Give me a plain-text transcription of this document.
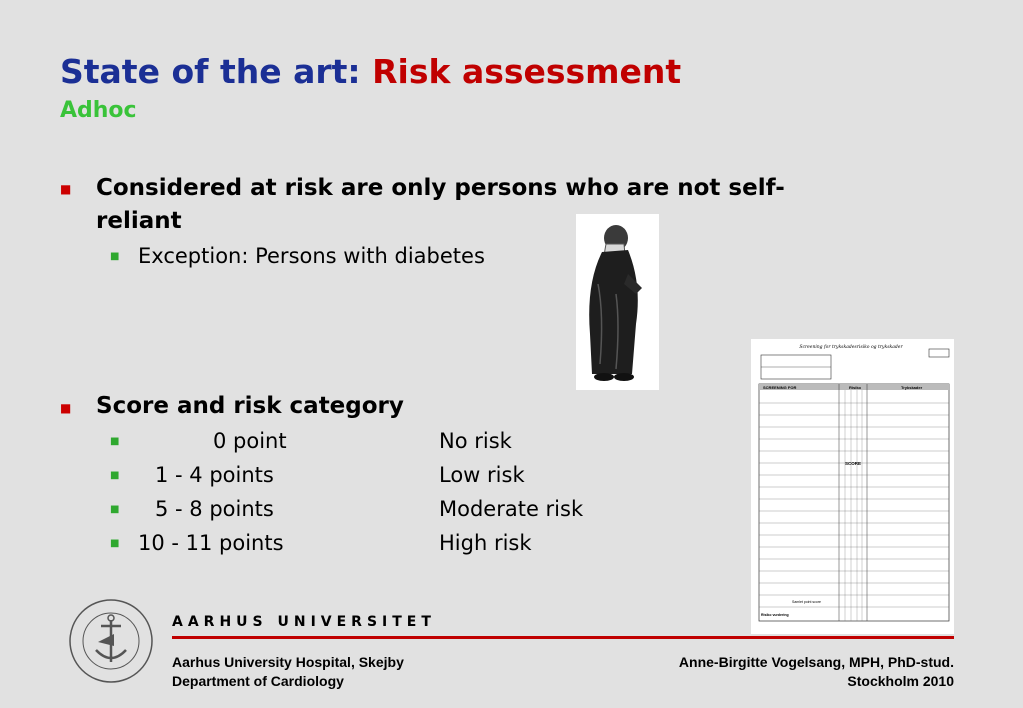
State of the art: Risk assessment
Adhoc
■ Considered at risk are only persons who are not self-
reliant
■ Exception: Persons with diabetes
■ Score and risk category
■	0 point	No risk
■ 1 - 4 points	Low risk
■ 5 - 8 points	Moderate risk
■ 10 - 11 points	High risk
Screening for trykskadesrisiko og trykskader
SCREENING FOR	Risiko	Trykskader
SCORE
Samlet point score
Risiko vurdering
AARHUS UNIVERSITET
Aarhus University Hospital, Skejby
Department of Cardiology
Anne-Birgitte Vogelsang, MPH, PhD-stud.
Stockholm 2010
